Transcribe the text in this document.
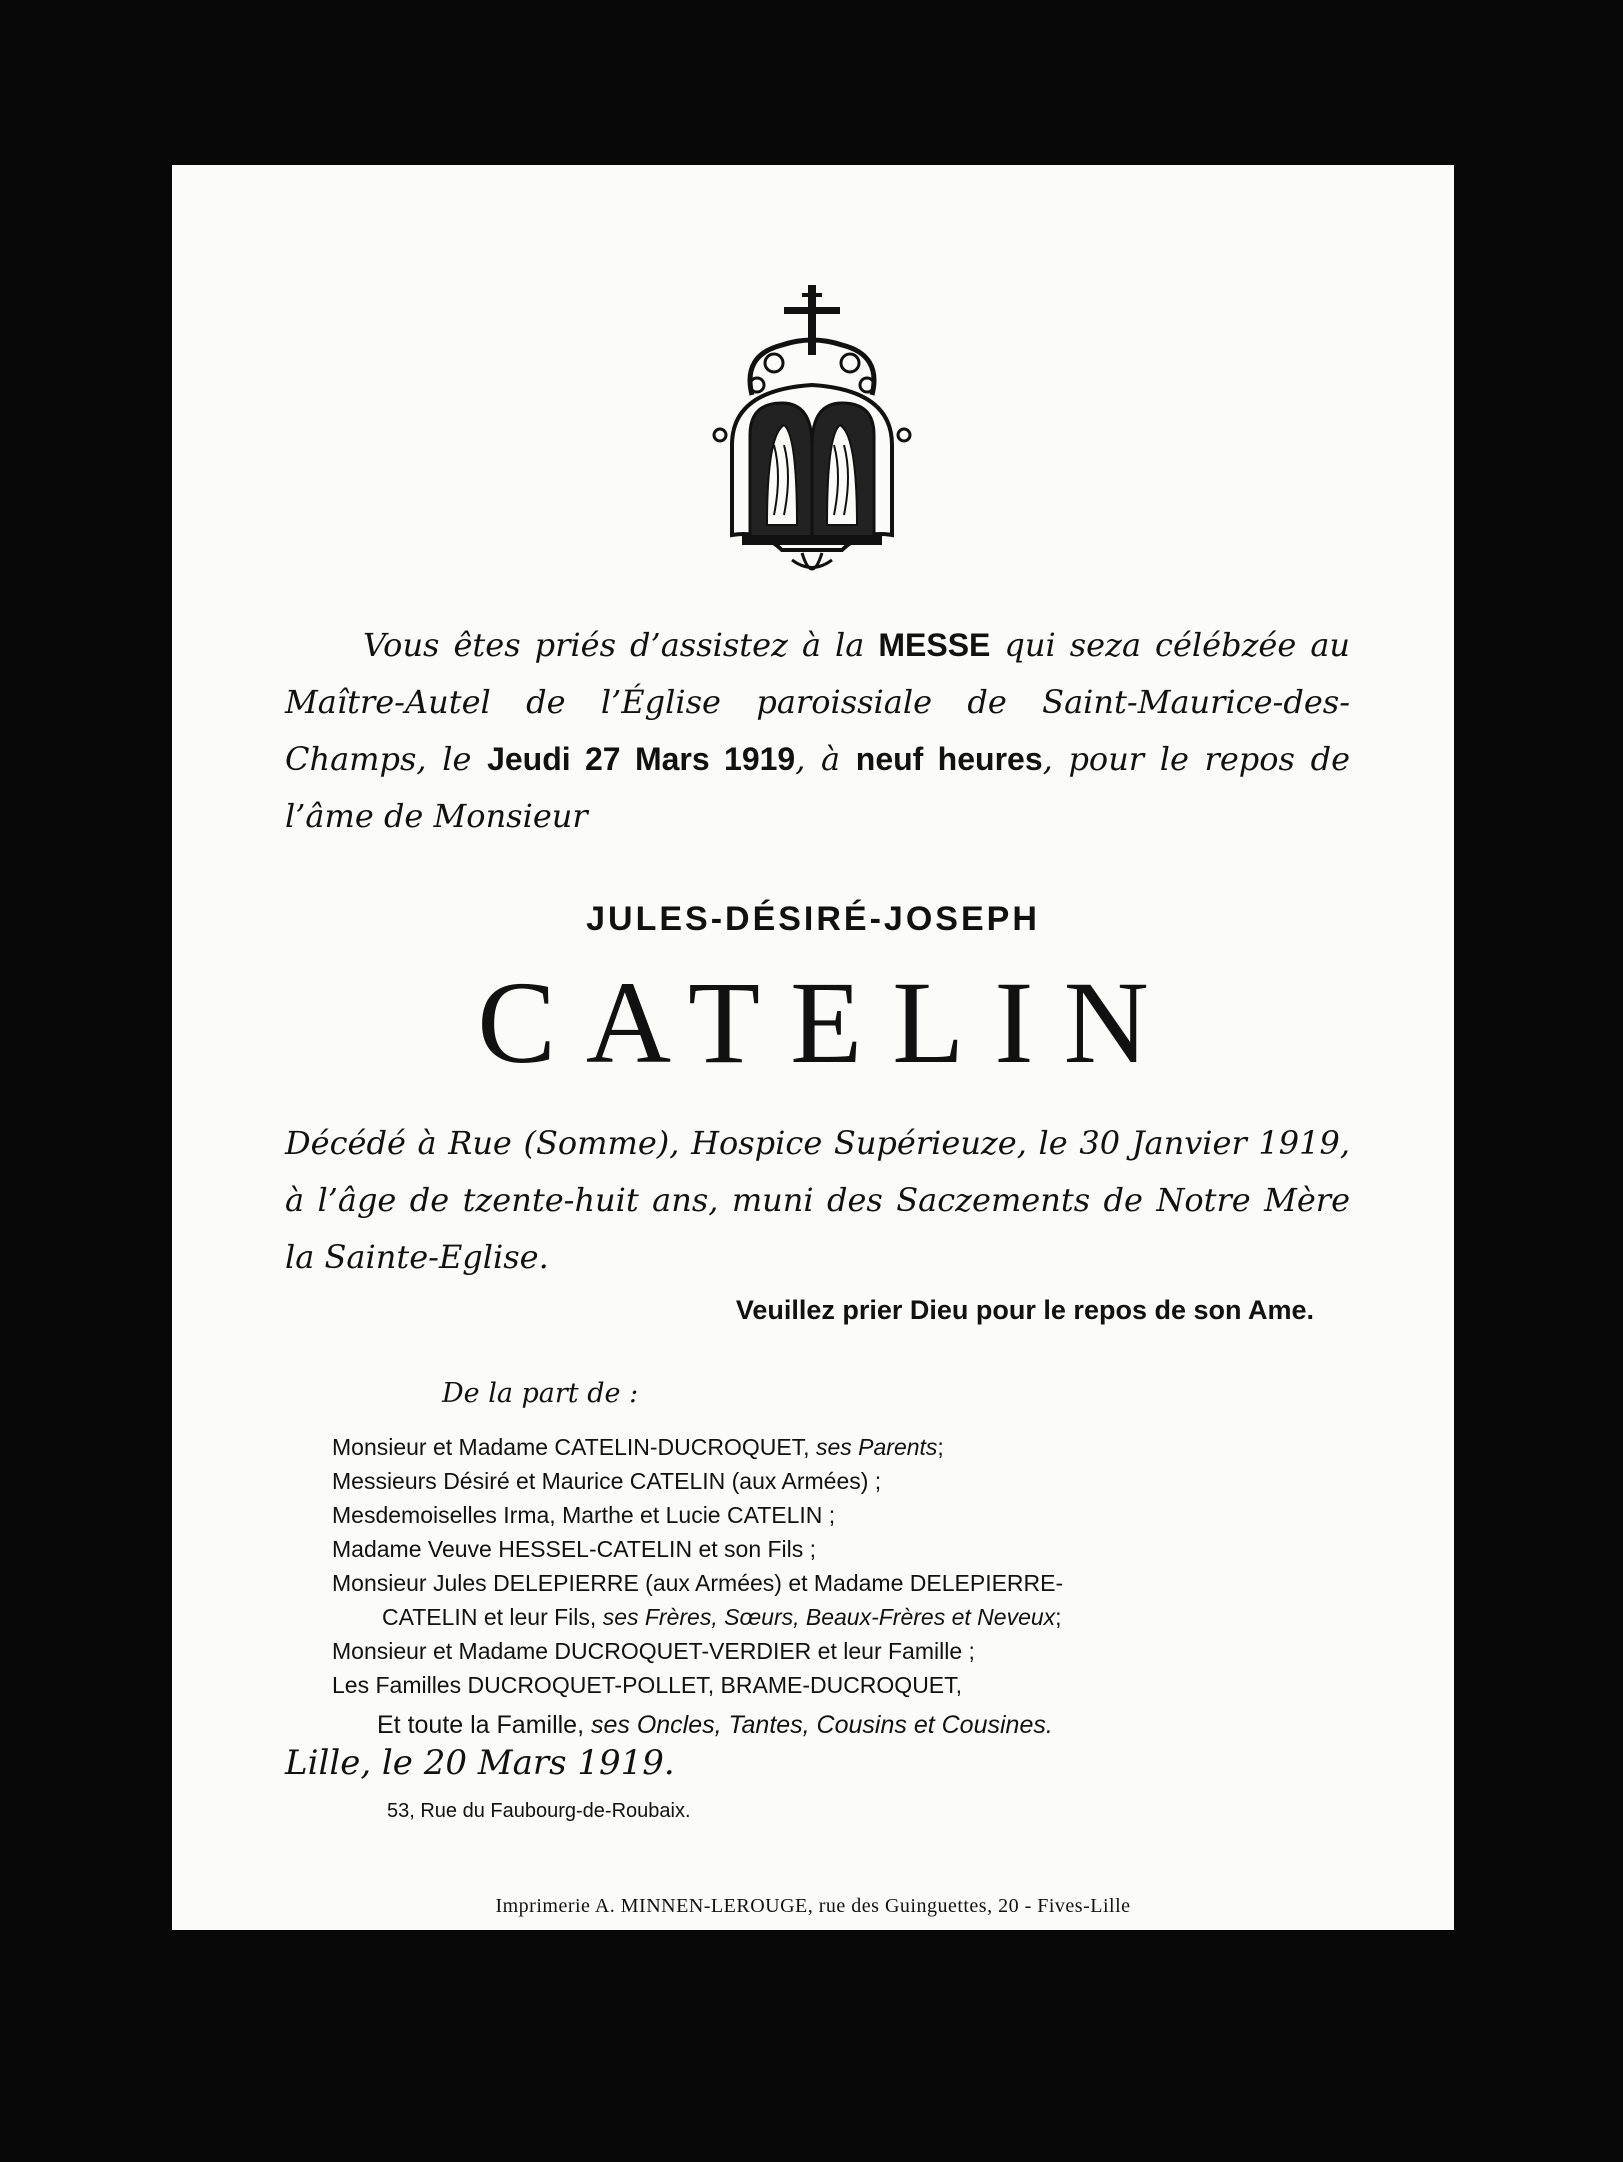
Vous êtes priés d’assistez à la MESSE qui seza célébzée au Maître-Autel de l’Église paroissiale de Saint-Maurice-des-Champs, le Jeudi 27 Mars 1919, à neuf heures, pour le repos de l’âme de Monsieur
JULES-DÉSIRÉ-JOSEPH
CATELIN
Décédé à Rue (Somme), Hospice Supérieuze, le 30 Janvier 1919, à l’âge de tzente-huit ans, muni des Saczements de Notre Mère la Sainte-Eglise.
Veuillez prier Dieu pour le repos de son Ame.
De la part de :
Monsieur et Madame CATELIN-DUCROQUET, ses Parents;
Messieurs Désiré et Maurice CATELIN (aux Armées) ;
Mesdemoiselles Irma, Marthe et Lucie CATELIN ;
Madame Veuve HESSEL-CATELIN et son Fils ;
Monsieur Jules DELEPIERRE (aux Armées) et Madame DELEPIERRE-
CATELIN et leur Fils, ses Frères, Sœurs, Beaux-Frères et Neveux;
Monsieur et Madame DUCROQUET-VERDIER et leur Famille ;
Les Familles DUCROQUET-POLLET, BRAME-DUCROQUET,
Et toute la Famille, ses Oncles, Tantes, Cousins et Cousines.
Lille, le 20 Mars 1919.
53, Rue du Faubourg-de-Roubaix.
Imprimerie A. MINNEN-LEROUGE, rue des Guinguettes, 20 - Fives-Lille
